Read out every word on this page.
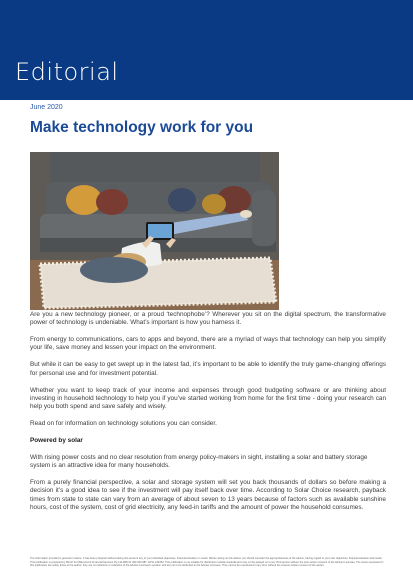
Editorial
June 2020
Make technology work for you

Are you a new technology pioneer, or a proud ‘technophobe’? Wherever you sit on the digital spectrum, the transformative power of technology is undeniable. What’s important is how you harness it.

From energy to communications, cars to apps and beyond, there are a myriad of ways that technology can help you simplify your life, save money and lessen your impact on the environment.

But while it can be easy to get swept up in the latest fad, it’s important to be able to identify the truly game-changing offerings for personal use and for investment potential.

Whether you want to keep track of your income and expenses through good budgeting software or are thinking about investing in household technology to help you if you’ve started working from home for the first time - doing your research can help you both spend and save safely and wisely.

Read on for information on technology solutions you can consider.

Powered by solar

With rising power costs and no clear resolution from energy policy-makers in sight, installing a solar and battery storage system is an attractive idea for many households.

From a purely financial perspective, a solar and storage system will set you back thousands of dollars so before making a decision it’s a good idea to see if the investment will pay itself back over time. According to Solar Choice research, payback times from state to state can vary from an average of about seven to 13 years because of factors such as available sunshine hours, cost of the system, cost of grid electricity, any feed-in tariffs and the amount of power the household consumes.

The information provided is general in nature. It has been prepared without taking into account any of your individual objectives, financial situation or needs. Before acting on this advice you should consider the appropriateness of the advice, having regard to your own objectives, financial situation and needs. This publication is prepared by MLCP for Millennium3 Financial Services Pty Ltd ABN 61 094 529 987, AFSL 244252. This publication is not suitable for distribution outside Australia and may not be passed on to any third person without the prior written consent of the Adviser Licensee. The views expressed in this publication are solely those of the author; they are not reflective or indicative of the Adviser Licensee's position and are not to be attributed to the Adviser Licensee. They cannot be reproduced in any form without the express written consent of the author.
